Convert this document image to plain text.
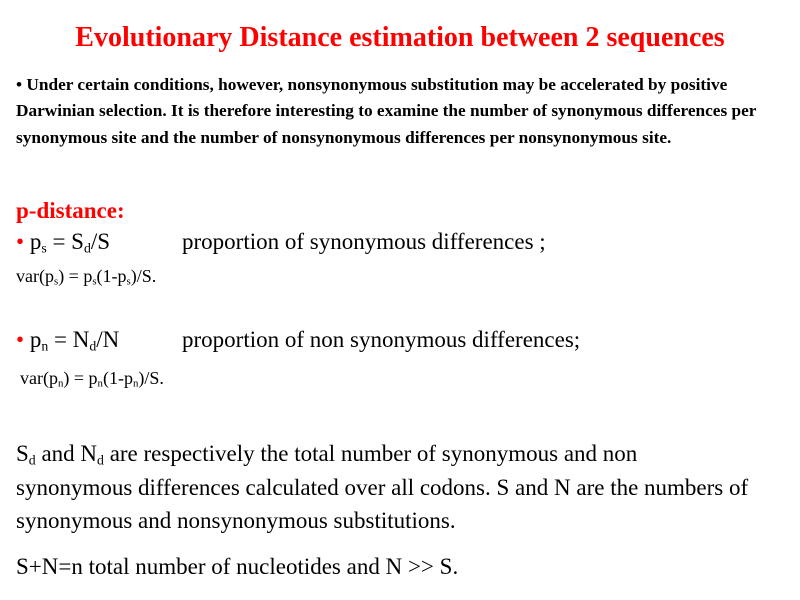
Evolutionary Distance estimation between 2 sequences
• Under certain conditions, however, nonsynonymous substitution may be accelerated by positive Darwinian selection. It is therefore interesting to examine the number of synonymous differences per synonymous site and the number of nonsynonymous differences per nonsynonymous site.
p-distance:
• $p_s = S_d/S$	proportion of synonymous differences ;
$var(p_s) = p_s(1-p_s)/S$.
• $p_n = N_d/N$	proportion of non synonymous differences;
$var(p_n) = p_n(1-p_n)/S$.
$S_d$ and $N_d$ are respectively the total number of synonymous and non
synonymous differences calculated over all codons. S and N are the numbers of synonymous and nonsynonymous substitutions.
S+N=n total number of nucleotides and N >> S.
